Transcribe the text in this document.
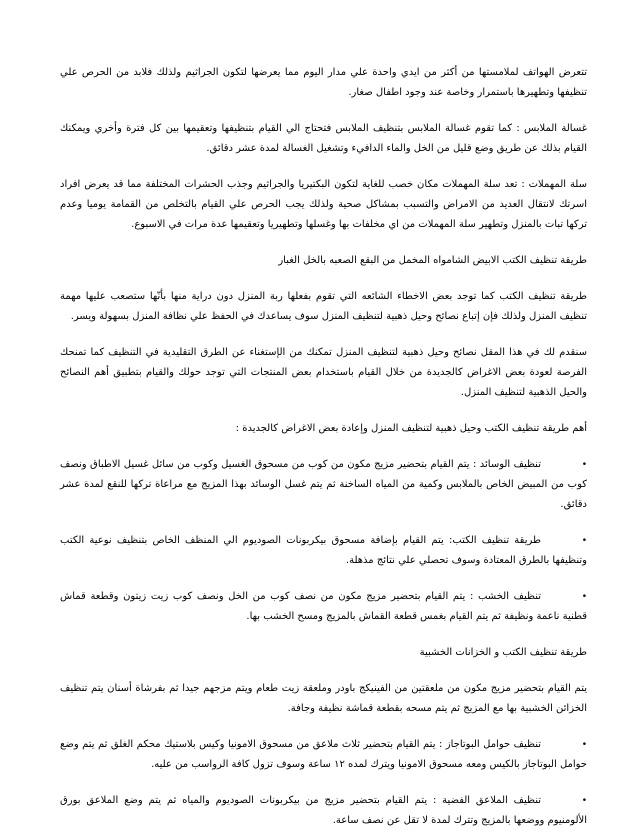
تتعرض الهواتف لملامستها من أكثر من ايدي واحدة علي مدار اليوم مما يعرضها لتكون الجراثيم ولذلك فلابد من الحرص علي تنظيفها وتطهيرها باستمرار وخاصة عند وجود اطفال صغار.

غسالة الملابس : كما تقوم غسالة الملابس بتنظيف الملابس فتحتاج الي القيام بتنظيفها وتعقيمها بين كل فترة وأخري ويمكنك القيام بذلك عن طريق وضع قليل من الخل والماء الدافيء وتشغيل الغسالة لمدة عشر دقائق.

سلة المهملات : تعد سلة المهملات مكان خصب للغاية لتكون البكتيريا والجراثيم وجذب الحشرات المختلفة مما قد يعرض افراد اسرتك لانتقال العديد من الامراض والتسبب بمشاكل صحية ولذلك يجب الحرص علي القيام بالتخلص من القمامة يوميا وعدم تركها تبات بالمنزل وتطهير سلة المهملات من اي مخلفات بها وغسلها وتطهيريا وتعقيمها عدة مرات في الاسبوع.

طريقة تنظيف الكتب الابيض الشامواه المخمل من البقع الصعبه بالخل الغبار

طريقة تنظيف الكتب كما توجد بعض الاخطاء الشائعه التي تقوم بفعلها ربة المنزل دون دراية منها بأنّها ستصعب عليها مهمة تنظيف المنزل ولذلك فإن إتباع نصائح وحيل ذهبية لتنظيف المنزل سوف يساعدك في الحفظ علي نظافة المنزل بسهولة ويسر.

سنقدم لك في هذا المقل نصائح وحيل ذهبية لتنظيف المنزل تمكنك من الإستغناء عن الطرق التقليدية في التنظيف كما تمنحك الفرصة لعودة بعض الاغراض كالجديدة من خلال القيام باستخدام بعض المنتجات التي توجد حولك والقيام بتطبيق أهم النصائح والحيل الذهبية لتنظيف المنزل.

أهم طريقة تنظيف الكتب وحيل ذهبية لتنظيف المنزل وإعادة بعض الاغراض كالجديدة :

•تنظيف الوسائد : يتم القيام بتحضير مزيج مكون من كوب من مسحوق الغسيل وكوب من سائل غسيل الاطباق ونصف كوب من المبيض الخاص بالملابس وكمية من المياه الساخنة ثم يتم غسل الوسائد بهذا المزيج مع مراعاة تركها للنقع لمدة عشر دقائق.

•طريقة تنظيف الكتب: يتم القيام بإضافة مسحوق بيكربونات الصوديوم الي المنظف الخاص بتنظيف نوعية الكتب وتنظيفها بالطرق المعتادة وسوف تحصلي علي نتائج مذهلة.

•تنظيف الخشب : يتم القيام بتحضير مزيج مكون من نصف كوب من الخل ونصف كوب زيت زيتون وقطعة قماش قطنية ناعمة ونظيفة ثم يتم القيام بغمس قطعة القماش بالمزيج ومسح الخشب بها.

طريقة تنظيف الكتب و الخزانات الخشبية

يتم القيام بتحضير مزيج مكون من ملعقتين من الفينيكج باودر وملعقة زيت طعام ويتم مزجهم جيدا ثم بفرشاة أسنان يتم تنظيف الخزائن الخشبية بها مع المزيج ثم يتم مسحه بقطعة قماشة نظيفة وجافة.

•تنظيف حوامل البوتاجاز : يتم القيام بتحضير ثلاث ملاعق من مسحوق الامونيا وكيس بلاستيك محكم الغلق ثم يتم وضع حوامل البوتاجاز بالكيس ومعه مسحوق الامونيا ويترك لمده ١٢ ساعة وسوف تزول كافة الرواسب من عليه.

•تنظيف الملاعق الفضية : يتم القيام بتحضير مزيج من بيكربونات الصوديوم والمياه ثم يتم وضع الملاعق بورق الألومنيوم ووضعها بالمزيج وتترك لمدة لا تقل عن نصف ساعة.
